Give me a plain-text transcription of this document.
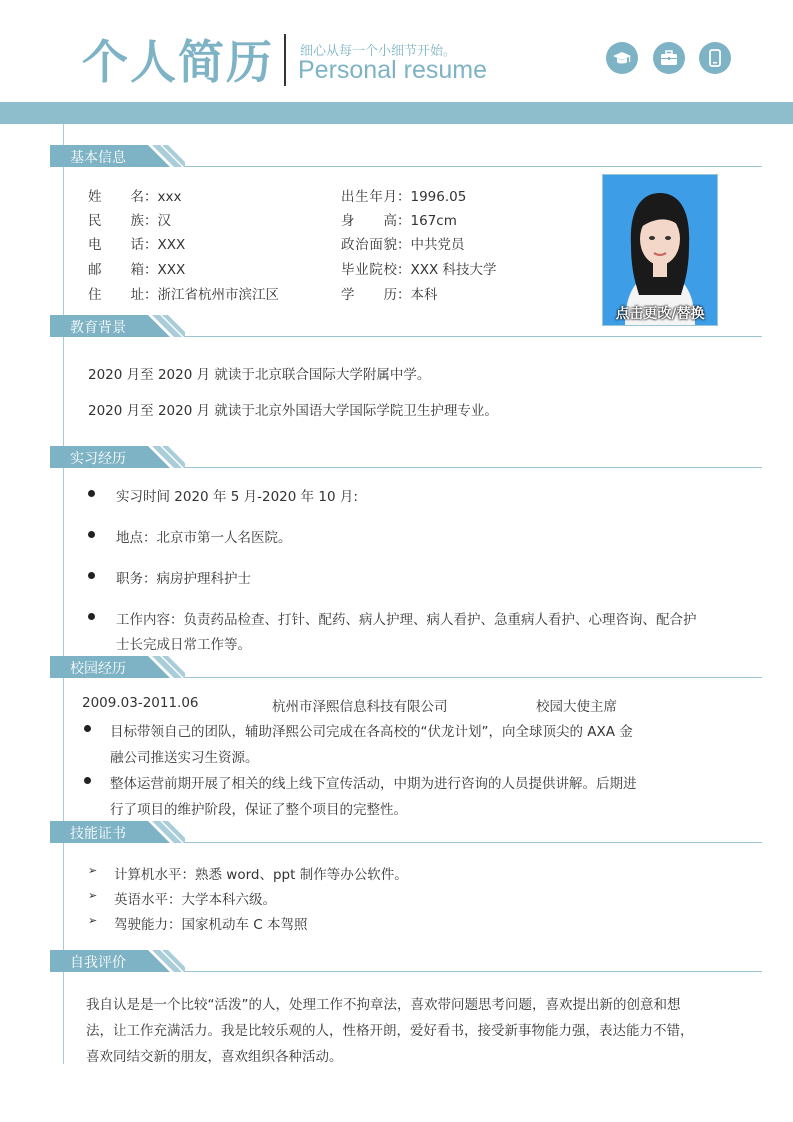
个人简历 细心从每一个小细节开始。
Personal resume
基本信息
姓名：xxx
民族：汉
电话：XXX
邮箱：XXX
住址：浙江省杭州市滨江区
出生年月：1996.05
身高：167cm
政治面貌：中共党员
毕业院校：XXX 科技大学
学历：本科
点击更改/替换
教育背景
2020 月至 2020 月 就读于北京联合国际大学附属中学。
2020 月至 2020 月 就读于北京外国语大学国际学院卫生护理专业。
实习经历
实习时间 2020 年 5 月-2020 年 10 月:
地点：北京市第一人名医院。
职务：病房护理科护士
工作内容：负责药品检查、打针、配药、病人护理、病人看护、急重病人看护、心理咨询、配合护
士长完成日常工作等。
校园经历
2009.03-2011.06	杭州市泽熙信息科技有限公司	校园大使主席
目标带领自己的团队，辅助泽熙公司完成在各高校的“伏龙计划”，向全球顶尖的 AXA 金
融公司推送实习生资源。
整体运营前期开展了相关的线上线下宣传活动，中期为进行咨询的人员提供讲解。后期进
行了项目的维护阶段，保证了整个项目的完整性。
技能证书
➢ 计算机水平：熟悉 word、ppt 制作等办公软件。
➢ 英语水平：大学本科六级。
➢ 驾驶能力：国家机动车 C 本驾照
自我评价
我自认是是一个比较“活泼”的人，处理工作不拘章法，喜欢带问题思考问题，喜欢提出新的创意和想
法，让工作充满活力。我是比较乐观的人，性格开朗，爱好看书，接受新事物能力强，表达能力不错，
喜欢同结交新的朋友，喜欢组织各种活动。
